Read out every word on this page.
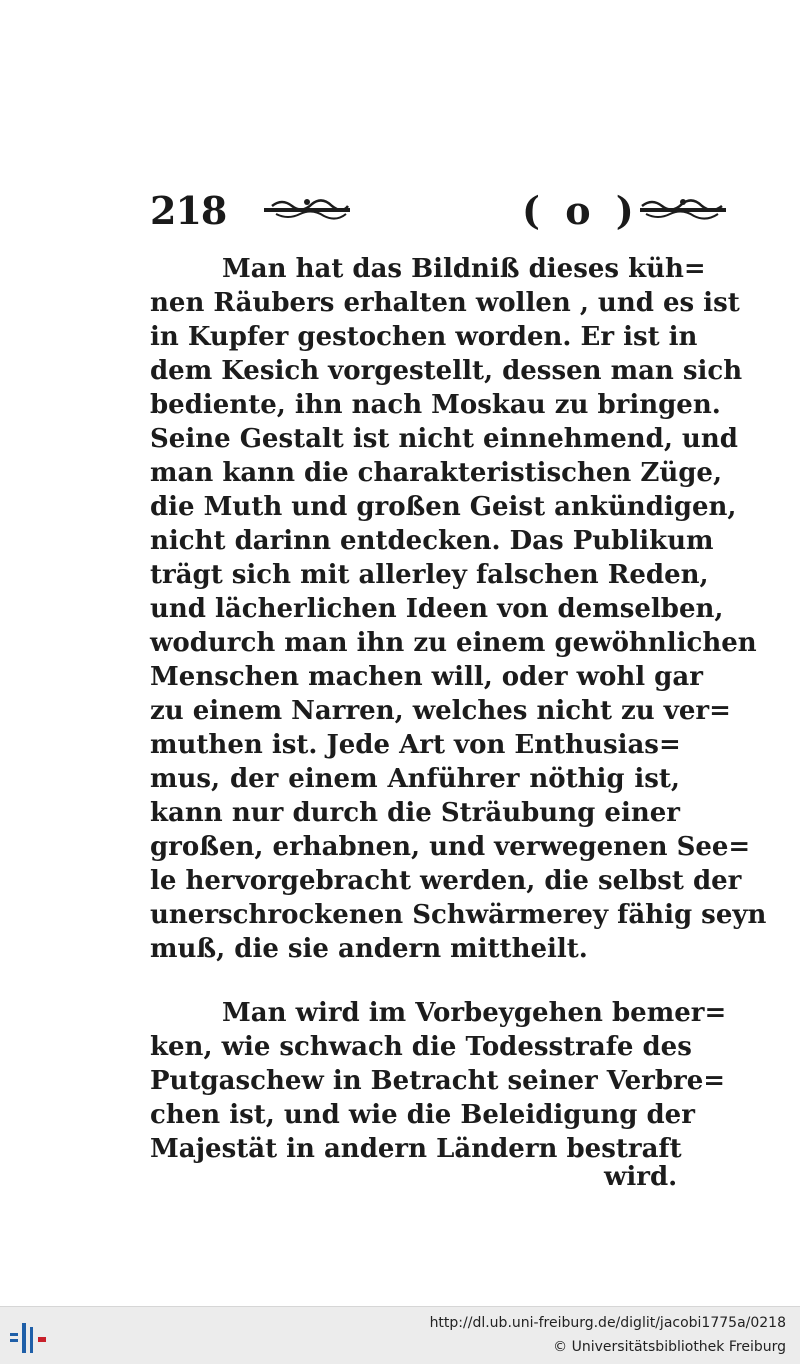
218	( o )
Man hat das Bildniß dieses küh=
nen Räubers erhalten wollen , und es ist
in Kupfer gestochen worden. Er ist in
dem Kesich vorgestellt, dessen man sich
bediente, ihn nach Moskau zu bringen.
Seine Gestalt ist nicht einnehmend, und
man kann die charakteristischen Züge,
die Muth und großen Geist ankündigen,
nicht darinn entdecken. Das Publikum
trägt sich mit allerley falschen Reden,
und lächerlichen Ideen von demselben,
wodurch man ihn zu einem gewöhnlichen
Menschen machen will, oder wohl gar
zu einem Narren, welches nicht zu ver=
muthen ist. Jede Art von Enthusias=
mus, der einem Anführer nöthig ist,
kann nur durch die Sträubung einer
großen, erhabnen, und verwegenen See=
le hervorgebracht werden, die selbst der
unerschrockenen Schwärmerey fähig seyn
muß, die sie andern mittheilt.
Man wird im Vorbeygehen bemer=
ken, wie schwach die Todesstrafe des
Putgaschew in Betracht seiner Verbre=
chen ist, und wie die Beleidigung der
Majestät in andern Ländern bestraft
wird.
http://dl.ub.uni-freiburg.de/diglit/jacobi1775a/0218
© Universitätsbibliothek Freiburg
